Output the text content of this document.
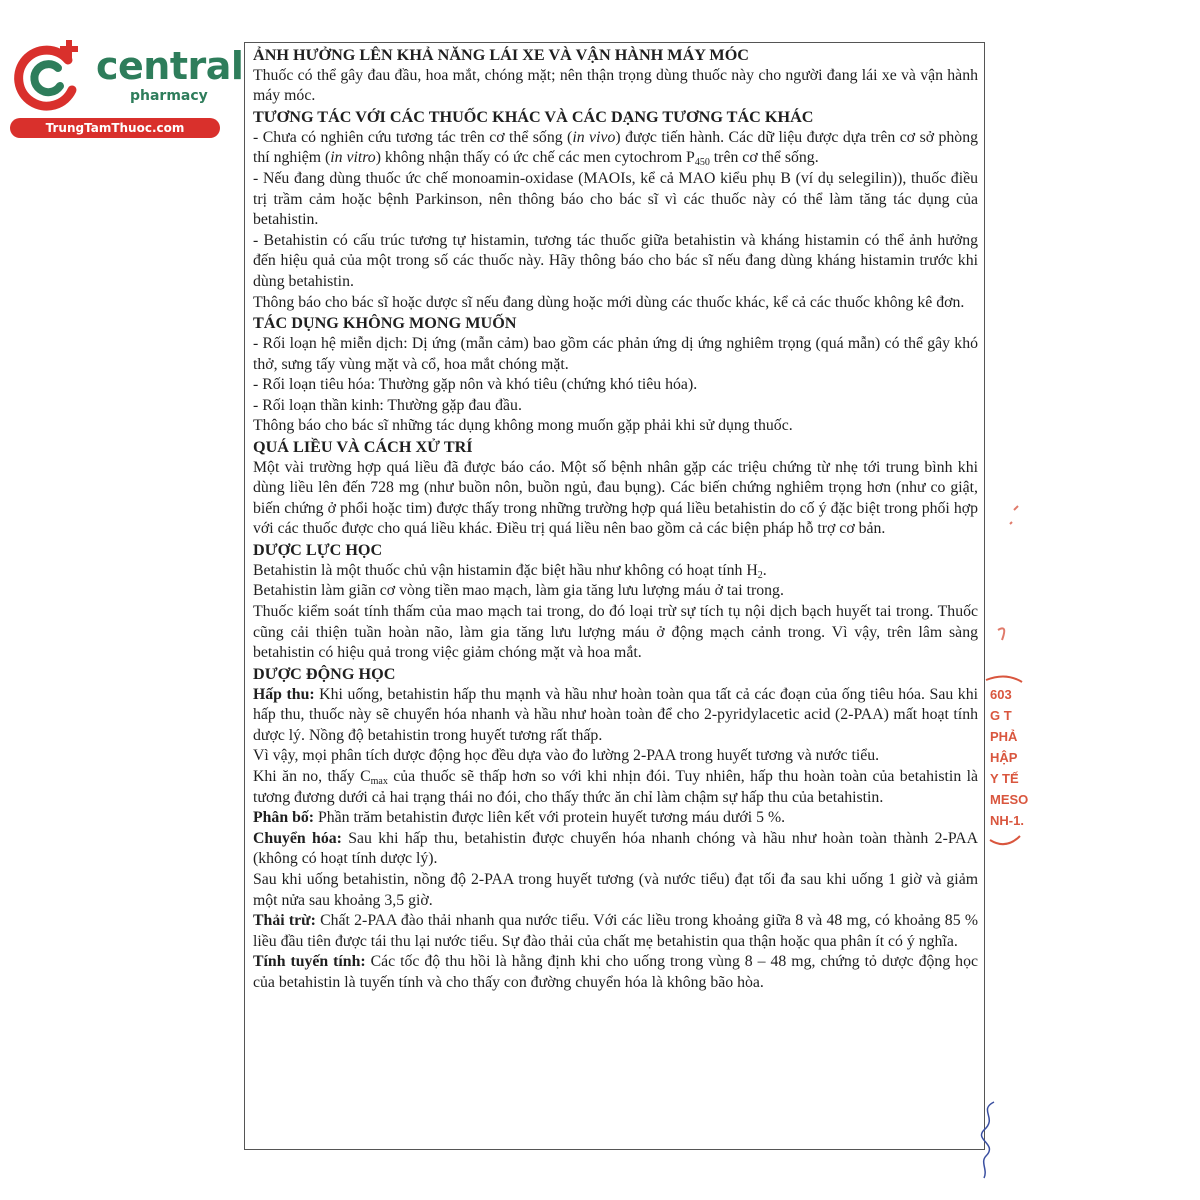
central
pharmacy
TrungTamThuoc.com
ẢNH HƯỞNG LÊN KHẢ NĂNG LÁI XE VÀ VẬN HÀNH MÁY MÓC

Thuốc có thể gây đau đầu, hoa mắt, chóng mặt; nên thận trọng dùng thuốc này cho người đang lái xe và vận hành máy móc.

TƯƠNG TÁC VỚI CÁC THUỐC KHÁC VÀ CÁC DẠNG TƯƠNG TÁC KHÁC

- Chưa có nghiên cứu tương tác trên cơ thể sống (in vivo) được tiến hành. Các dữ liệu được dựa trên cơ sở phòng thí nghiệm (in vitro) không nhận thấy có ức chế các men cytochrom $P_{450}$ trên cơ thể sống.

- Nếu đang dùng thuốc ức chế monoamin-oxidase (MAOIs, kể cả MAO kiểu phụ B (ví dụ selegilin)), thuốc điều trị trầm cảm hoặc bệnh Parkinson, nên thông báo cho bác sĩ vì các thuốc này có thể làm tăng tác dụng của betahistin.

- Betahistin có cấu trúc tương tự histamin, tương tác thuốc giữa betahistin và kháng histamin có thể ảnh hưởng đến hiệu quả của một trong số các thuốc này. Hãy thông báo cho bác sĩ nếu đang dùng kháng histamin trước khi dùng betahistin.

Thông báo cho bác sĩ hoặc dược sĩ nếu đang dùng hoặc mới dùng các thuốc khác, kể cả các thuốc không kê đơn.

TÁC DỤNG KHÔNG MONG MUỐN

- Rối loạn hệ miễn dịch: Dị ứng (mẫn cảm) bao gồm các phản ứng dị ứng nghiêm trọng (quá mẫn) có thể gây khó thở, sưng tấy vùng mặt và cổ, hoa mắt chóng mặt.

- Rối loạn tiêu hóa: Thường gặp nôn và khó tiêu (chứng khó tiêu hóa).

- Rối loạn thần kinh: Thường gặp đau đầu.

Thông báo cho bác sĩ những tác dụng không mong muốn gặp phải khi sử dụng thuốc.

QUÁ LIỀU VÀ CÁCH XỬ TRÍ

Một vài trường hợp quá liều đã được báo cáo. Một số bệnh nhân gặp các triệu chứng từ nhẹ tới trung bình khi dùng liều lên đến 728 mg (như buồn nôn, buồn ngủ, đau bụng). Các biến chứng nghiêm trọng hơn (như co giật, biến chứng ở phổi hoặc tim) được thấy trong những trường hợp quá liều betahistin do cố ý đặc biệt trong phối hợp với các thuốc được cho quá liều khác. Điều trị quá liều nên bao gồm cả các biện pháp hỗ trợ cơ bản.

DƯỢC LỰC HỌC

Betahistin là một thuốc chủ vận histamin đặc biệt hầu như không có hoạt tính $H_2$.

Betahistin làm giãn cơ vòng tiền mao mạch, làm gia tăng lưu lượng máu ở tai trong.

Thuốc kiểm soát tính thấm của mao mạch tai trong, do đó loại trừ sự tích tụ nội dịch bạch huyết tai trong. Thuốc cũng cải thiện tuần hoàn não, làm gia tăng lưu lượng máu ở động mạch cảnh trong. Vì vậy, trên lâm sàng betahistin có hiệu quả trong việc giảm chóng mặt và hoa mắt.

DƯỢC ĐỘNG HỌC

Hấp thu: Khi uống, betahistin hấp thu mạnh và hầu như hoàn toàn qua tất cả các đoạn của ống tiêu hóa. Sau khi hấp thu, thuốc này sẽ chuyển hóa nhanh và hầu như hoàn toàn để cho 2-pyridylacetic acid (2-PAA) mất hoạt tính dược lý. Nồng độ betahistin trong huyết tương rất thấp.

Vì vậy, mọi phân tích dược động học đều dựa vào đo lường 2-PAA trong huyết tương và nước tiểu.

Khi ăn no, thấy $C_{max}$ của thuốc sẽ thấp hơn so với khi nhịn đói. Tuy nhiên, hấp thu hoàn toàn của betahistin là tương đương dưới cả hai trạng thái no đói, cho thấy thức ăn chỉ làm chậm sự hấp thu của betahistin.

Phân bố: Phần trăm betahistin được liên kết với protein huyết tương máu dưới 5 %.

Chuyển hóa: Sau khi hấp thu, betahistin được chuyển hóa nhanh chóng và hầu như hoàn toàn thành 2-PAA (không có hoạt tính dược lý).

Sau khi uống betahistin, nồng độ 2-PAA trong huyết tương (và nước tiểu) đạt tối đa sau khi uống 1 giờ và giảm một nửa sau khoảng 3,5 giờ.

Thải trừ: Chất 2-PAA đào thải nhanh qua nước tiểu. Với các liều trong khoảng giữa 8 và 48 mg, có khoảng 85 % liều đầu tiên được tái thu lại nước tiểu. Sự đào thải của chất mẹ betahistin qua thận hoặc qua phân ít có ý nghĩa.

Tính tuyến tính: Các tốc độ thu hồi là hằng định khi cho uống trong vùng 8 – 48 mg, chứng tỏ dược động học của betahistin là tuyến tính và cho thấy con đường chuyển hóa là không bão hòa.

603
G T
PHẢ
HẬP
Y TẾ
MESO
NH-1.
